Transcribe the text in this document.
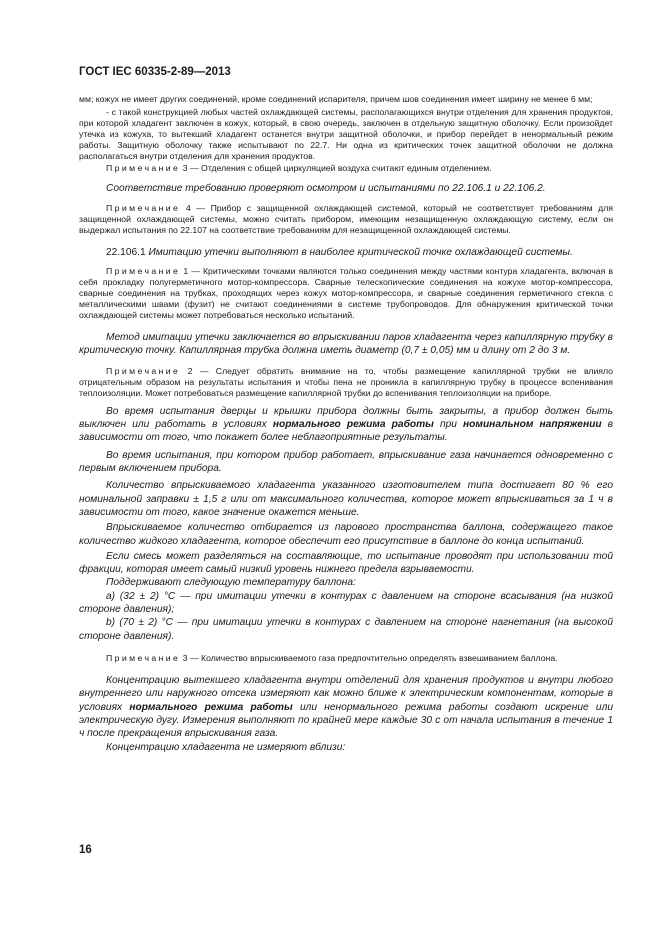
ГОСТ IEC 60335-2-89—2013

мм; кожух не имеет других соединений, кроме соединений испарителя, причем шов соединения имеет ширину не менее 6 мм;

- с такой конструкцией любых частей охлаждающей системы, располагающихся внутри отделения для хранения продуктов, при которой хладагент заключен в кожух, который, в свою очередь, заключен в отдельную защитную оболочку. Если произойдет утечка из кожуха, то вытекший хладагент останется внутри защитной оболочки, и прибор перейдет в ненормальный режим работы. Защитную оболочку также испытывают по 22.7. Ни одна из критических точек защитной оболочки не должна располагаться внутри отделения для хранения продуктов.

Примечание 3 — Отделения с общей циркуляцией воздуха считают единым отделением.

Соответствие требованию проверяют осмотром и испытаниями по 22.106.1 и 22.106.2.

Примечание 4 — Прибор с защищенной охлаждающей системой, который не соответствует требованиям для защищенной охлаждающей системы, можно считать прибором, имеющим незащищенную охлаждающую систему, если он выдержал испытания по 22.107 на соответствие требованиям для незащищенной охлаждающей системы.

22.106.1 Имитацию утечки выполняют в наиболее критической точке охлаждающей системы.

Примечание 1 — Критическими точками являются только соединения между частями контура хладагента, включая в себя прокладку полугерметичного мотор-компрессора. Сварные телескопические соединения на кожухе мотор-компрессора, сварные соединения на трубках, проходящих через кожух мотор-компрессора, и сварные соединения герметичного стекла с металлическими швами (фузит) не считают соединениями в системе трубопроводов. Для обнаружения критической точки охлаждающей системы может потребоваться несколько испытаний.

Метод имитации утечки заключается во впрыскивании паров хладагента через капиллярную трубку в критическую точку. Капиллярная трубка должна иметь диаметр (0,7 ± 0,05) мм и длину от 2 до 3 м.

Примечание 2 — Следует обратить внимание на то, чтобы размещение капиллярной трубки не влияло отрицательным образом на результаты испытания и чтобы пена не проникла в капиллярную трубку в процессе вспенивания теплоизоляции. Может потребоваться размещение капиллярной трубки до вспенивания теплоизоляции на приборе.

Во время испытания дверцы и крышки прибора должны быть закрыты, а прибор должен быть выключен или работать в условиях нормального режима работы при номинальном напряжении в зависимости от того, что покажет более неблагоприятные результаты.

Во время испытания, при котором прибор работает, впрыскивание газа начинается одновременно с первым включением прибора.

Количество впрыскиваемого хладагента указанного изготовителем типа достигает 80 % его номинальной заправки ± 1,5 г или от максимального количества, которое может впрыскиваться за 1 ч в зависимости от того, какое значение окажется меньше.

Впрыскиваемое количество отбирается из парового пространства баллона, содержащего такое количество жидкого хладагента, которое обеспечит его присутствие в баллоне до конца испытаний.

Если смесь может разделяться на составляющие, то испытание проводят при использовании той фракции, которая имеет самый низкий уровень нижнего предела взрываемости.

Поддерживают следующую температуру баллона:

a) (32 ± 2) °С — при имитации утечки в контурах с давлением на стороне всасывания (на низкой стороне давления);

b) (70 ± 2) °С — при имитации утечки в контурах с давлением на стороне нагнетания (на высокой стороне давления).

Примечание 3 — Количество впрыскиваемого газа предпочтительно определять взвешиванием баллона.

Концентрацию вытекшего хладагента внутри отделений для хранения продуктов и внутри любого внутреннего или наружного отсека измеряют как можно ближе к электрическим компонентам, которые в условиях нормального режима работы или ненормального режима работы создают искрение или электрическую дугу. Измерения выполняют по крайней мере каждые 30 с от начала испытания в течение 1 ч после прекращения впрыскивания газа.

Концентрацию хладагента не измеряют вблизи:

16
